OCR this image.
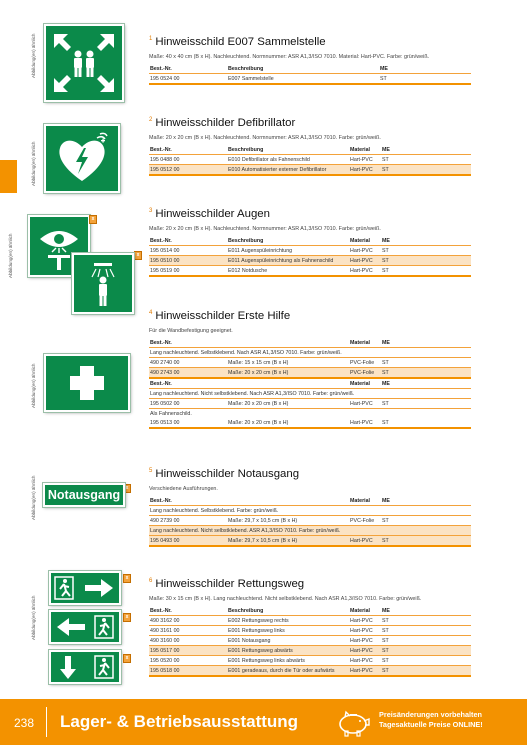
Abbildung(en) ähnlich
Abbildung(en) ähnlich
Abbildung(en) ähnlich
Abbildung(en) ähnlich
Abbildung(en) ähnlich
Abbildung(en) ähnlich
x
x
x
Notausgang
x
x
x
$^1$ Hinweisschild E007 Sammelstelle
Maße: 40 x 40 cm (B x H). Nachleuchtend. Normnummer: ASR A1,3/ISO 7010. Material: Hart-PVC. Farbe: grün/weiß.
Best.-Nr.	Beschreibung	ME
195 0524 00	E007 Sammelstelle	ST
$^2$ Hinweisschilder Defibrillator
Maße: 20 x 20 cm (B x H). Nachleuchtend. Normnummer: ASR A1,3/ISO 7010. Farbe: grün/weiß.
Best.-Nr.	Beschreibung	Material	ME
195 0488 00	E010 Defibrillator als Fahnenschild	Hart-PVC	ST
195 0512 00	E010 Automatisierter externer Defibrillator	Hart-PVC	ST
$^3$ Hinweisschilder Augen
Maße: 20 x 20 cm (B x H). Nachleuchtend. Normnummer: ASR A1,3/ISO 7010. Farbe: grün/weiß.
Best.-Nr.	Beschreibung	Material	ME
195 0514 00	E011 Augenspüleinrichtung	Hart-PVC	ST
195 0510 00	E011 Augenspüleinrichtung als Fahnenschild	Hart-PVC	ST
195 0519 00	E012 Notdusche	Hart-PVC	ST
$^4$ Hinweisschilder Erste Hilfe
Für die Wandbefestigung geeignet.
Best.-Nr.		Material	ME
Lang nachleuchtend. Selbstklebend. Nach ASR A1,3/ISO 7010. Farbe: grün/weiß.			
490 2740 00	Maße: 15 x 15 cm (B x H)	PVC-Folie	ST
490 2743 00	Maße: 20 x 20 cm (B x H)	PVC-Folie	ST
Best.-Nr.		Material	ME
Lang nachleuchtend. Nicht selbstklebend. Nach ASR A1,3/ISO 7010. Farbe: grün/weiß.			
195 0502 00	Maße: 20 x 20 cm (B x H)	Hart-PVC	ST
Als Fahnenschild.			
195 0513 00	Maße: 20 x 20 cm (B x H)	Hart-PVC	ST
$^5$ Hinweisschilder Notausgang
Verschiedene Ausführungen.
Best.-Nr.		Material	ME
Lang nachleuchtend. Selbstklebend. Farbe: grün/weiß.			
490 2739 00	Maße: 29,7 x 10,5 cm (B x H)	PVC-Folie	ST
Lang nachleuchtend. Nicht selbstklebend. ASR A1,3/ISO 7010. Farbe: grün/weiß.			
195 0493 00	Maße: 29,7 x 10,5 cm (B x H)	Hart-PVC	ST
$^6$ Hinweisschilder Rettungsweg
Maße: 30 x 15 cm (B x H). Lang nachleuchtend. Nicht selbstklebend. Nach ASR A1,3/ISO 7010. Farbe: grün/weiß.
Best.-Nr.	Beschreibung	Material	ME
490 3162 00	E002 Rettungsweg rechts	Hart-PVC	ST
490 3161 00	E001 Rettungsweg links	Hart-PVC	ST
490 3160 00	E001 Notausgang	Hart-PVC	ST
195 0517 00	E001 Rettungsweg abwärts	Hart-PVC	ST
195 0520 00	E001 Rettungsweg links abwärts	Hart-PVC	ST
195 0518 00	E001 geradeaus, durch die Tür oder aufwärts	Hart-PVC	ST
238 Lager- & Betriebsausstattung	Preisänderungen vorbehalten
Tagesaktuelle Preise ONLINE!
